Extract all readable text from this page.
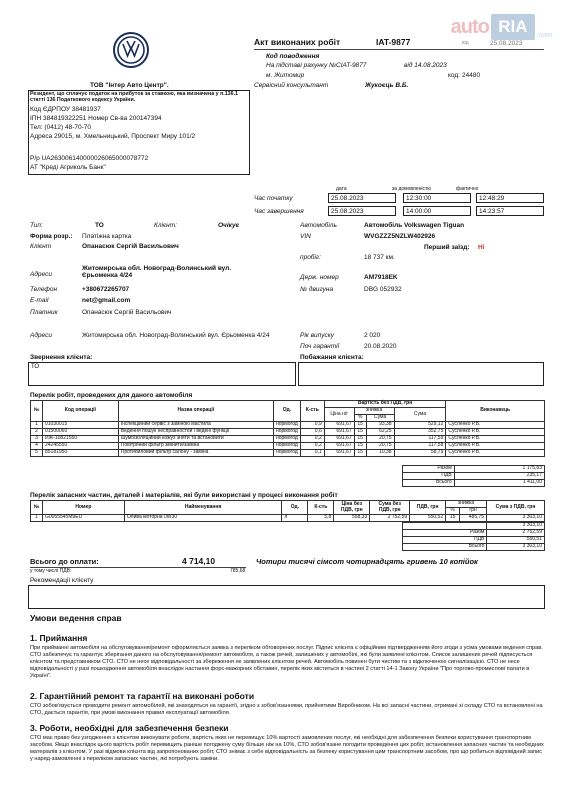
auto RIA	.com
Акт виконаних робіт	IAT-9877	від	25.08.2023
Код поводження
На підставі рахунку №CIAT-9877	від 14.08.2023
м. Житомир	код: 24480
Сервісний консультант	Жукоєць В.Б.
ТОВ "Інтер Авто Центр".
Резидент, що сплачує податок на прибуток за ставкою, яка визначена у п.136.1 статті 136 Податкового кодексу України.
Код ЄДРПОУ 38481937
ІПН 384819322251 Номер Св-ва 200147394
Тел: (0412) 48-70-70
Адреса 29015, м. Хмельницький, Проспект Миру 101/2
Р/р UA263006140000026065000078772
АТ "Кредi Агриколь Банк"
дата	за домовленістю	фактично
Час початку	25.08.2023	12:30:00	12:48:29
Час завершення	25.08.2023	14:00:00	14:23:57
Тип:	ТО	Клієнт:	Очікує
Форма розр.: Платіжна картка
Клієнт	Опанасюк Сергій Васильович
Адреси
Житомирська обл. Новоград-Волинський вул. Єрьоменка 4/24
Телефон	+380672265707
E-mail	net@gmail.com
Платник	Опанасюк Сергій Васильович
Адреси	Житомирська обл. Новоград-Волинський вул. Єрьоменка 4/24
Автомобіль	Автомобіль Volkswagen Tiguan
VIN	WVGZZZ5NZLW402926
Перший заїзд: Ні
пробіг:	18 737 км.
Держ. номер	AM7918EK
№ двигуна	DBG 052932
Рік випуску	2 020
Поч гарантії	20.08.2020
Звернення клієнта:
ТО
Побажання клієнта:
Перелік робіт, проведених для даного автомобіля
№	Код операції	Назва операції	Од.	К-сть	Вартість без ПДВ, грн				Виконавець
					Ціна н/г	знижка		Сума	
						%	Сума		
1	01030015	Інспекційний сервіс з заміною мастила	нормогод	0,9	691,67	15	93,38	529,12	Сусленко Р.В.
2	01500060	Ведення пошук несправностей і ведені функції	нормогод	0,6	691,67	15	62,25	352,75	Сусленко Р.В.
3	ИЖ-10821550	Шумоізоляційний кожух зняти та встановити	нормогод	0,2	691,67	15	20,75	117,59	Сусленко Р.В.
4	24245550	Повітряний фільтр змінити/заміна	нормогод	0,2	691,67	15	20,75	117,58	Сусленко Р.В.
5	85181950	Протипиловий фільтр салону - заміна	нормогод	0,1	691,67	15	10,38	58,79	Сусленко Р.В.
Разом	1 175,83
ПДВ	235,17
Всього	1 411,00
Перелік запасних частин, деталей і матеріалів, які були використані у процесі виконання робіт
№	Номер	Найменування	Од.	К-сть	Ціна без ПДВ, грн	Сума без ПДВ, грн	ПДВ, грн	знижка		Сума з ПДВ, грн
								%	грн	
1	G0055545M9EU	Олива моторна 0W30	л	5,8	558,33	2 752,59	550,52	15	485,75	3 303,10
	3 303,10
Разом	2 752,59
ПДВ	550,51
Всього	3 303,10
Всього до оплати:	4 714,10	Чотири тисячі сімсот чотирнадцять гривень 10 копійок
у тому числі ПДВ:	785,68
Рекомендації клієнту
Умови ведення справ
1. Приймання
При прийманні автомобіля на обслуговування/ремонт оформляється заявка з переліком обговорених послуг. Підпис клієнта є офіційним підтвердженням його згоди з усіма умовами ведення справ. СТО забезпечує та гарантує зберігання даного на обслуговування/ремонт автомобіля, а також речей, залишених у автомобілі, які були заявлені клієнтом. Список залишених речей підписується клієнтом та представником СТО. СТО не несе відповідальності за збереження не заявлених клієнтом речей. Автомобіль повинен бути чистим та з відключеною сигналізацією. СТО не несе відповідальності у разі пошкодження автомобіля внаслідок настання форс-мажорних обставин, перелік яких міститься в частині 2 статті 14-1 Закону України "Про торгово-промислові палати в Україні".
2. Гарантійний ремонт та гарантії на виконані роботи
СТО зобов'язується проводити ремонт автомобілей, які знаходяться на гарантії, згідно з зобов'язаннями, прийнятими Виробником. На всі запасні частини, отримані зі складу СТО та встановлені на СТО, дається гарантія, при умові виконання правил експлуатації автомобіля.
3. Роботи, необхідні для забезпечення безпеки
СТО має право без узгодження з клієнтом виконувати роботи, вартість яких не перевищує 10% вартості замовлених послуг, які необхідні для забезпечення безпеки користування транспортним засобом. Якщо внаслідок цього вартість робіт перевищить раніше погоджену суму більше ніж на 10%, СТО зобов'язане погодити проведення цих робіт, встановлення запасних частин та необхідних матеріалів з клієнтом. У разі відмови клієнта від запропонованих робіт, СТО знімає з себе відповідальність за безпеку користування цим транспортним засобом, про що робиться відповідний запис у наряд-замовленні з переліком запасних частин, які потребують заміни.
